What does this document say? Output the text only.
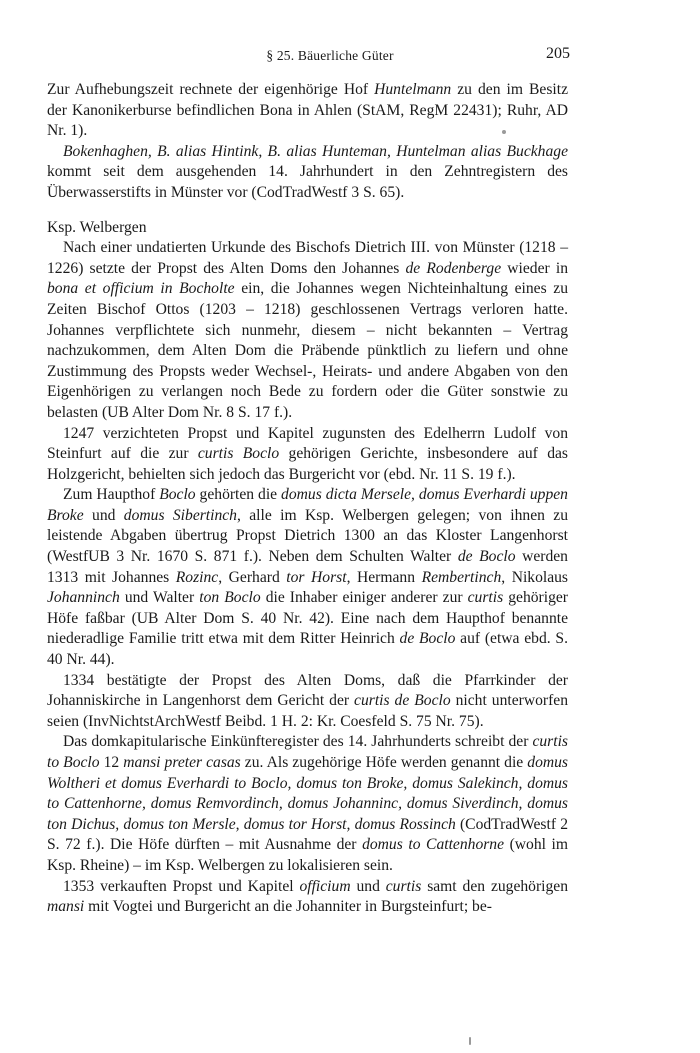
§ 25. Bäuerliche Güter	205

Zur Aufhebungszeit rechnete der eigenhörige Hof Huntelmann zu den im Besitz der Kanonikerburse befindlichen Bona in Ahlen (StAM, RegM 22431); Ruhr, AD Nr. 1).

Bokenhaghen, B. alias Hintink, B. alias Hunteman, Huntelman alias Buckhage kommt seit dem ausgehenden 14. Jahrhundert in den Zehntregistern des Überwasserstifts in Münster vor (CodTradWestf 3 S. 65).

Ksp. Welbergen

Nach einer undatierten Urkunde des Bischofs Dietrich III. von Münster (1218 – 1226) setzte der Propst des Alten Doms den Johannes de Rodenberge wieder in bona et officium in Bocholte ein, die Johannes wegen Nichteinhaltung eines zu Zeiten Bischof Ottos (1203 – 1218) geschlossenen Vertrags verloren hatte. Johannes verpflichtete sich nunmehr, diesem – nicht bekannten – Vertrag nachzukommen, dem Alten Dom die Präbende pünktlich zu liefern und ohne Zustimmung des Propsts weder Wechsel-, Heirats- und andere Abgaben von den Eigenhörigen zu verlangen noch Bede zu fordern oder die Güter sonstwie zu belasten (UB Alter Dom Nr. 8 S. 17 f.).

1247 verzichteten Propst und Kapitel zugunsten des Edelherrn Ludolf von Steinfurt auf die zur curtis Boclo gehörigen Gerichte, insbesondere auf das Holzgericht, behielten sich jedoch das Burgericht vor (ebd. Nr. 11 S. 19 f.).

Zum Haupthof Boclo gehörten die domus dicta Mersele, domus Everhardi uppen Broke und domus Sibertinch, alle im Ksp. Welbergen gelegen; von ihnen zu leistende Abgaben übertrug Propst Dietrich 1300 an das Kloster Langenhorst (WestfUB 3 Nr. 1670 S. 871 f.). Neben dem Schulten Walter de Boclo werden 1313 mit Johannes Rozinc, Gerhard tor Horst, Hermann Rembertinch, Nikolaus Johanninch und Walter ton Boclo die Inhaber einiger anderer zur curtis gehöriger Höfe faßbar (UB Alter Dom S. 40 Nr. 42). Eine nach dem Haupthof benannte niederadlige Familie tritt etwa mit dem Ritter Heinrich de Boclo auf (etwa ebd. S. 40 Nr. 44).

1334 bestätigte der Propst des Alten Doms, daß die Pfarrkinder der Johanniskirche in Langenhorst dem Gericht der curtis de Boclo nicht unterworfen seien (InvNichtstArchWestf Beibd. 1 H. 2: Kr. Coesfeld S. 75 Nr. 75).

Das domkapitularische Einkünfteregister des 14. Jahrhunderts schreibt der curtis to Boclo 12 mansi preter casas zu. Als zugehörige Höfe werden genannt die domus Woltheri et domus Everhardi to Boclo, domus ton Broke, domus Salekinch, domus to Cattenhorne, domus Remvordinch, domus Johanninc, domus Siverdinch, domus ton Dichus, domus ton Mersle, domus tor Horst, domus Rossinch (CodTradWestf 2 S. 72 f.). Die Höfe dürften – mit Ausnahme der domus to Cattenhorne (wohl im Ksp. Rheine) – im Ksp. Welbergen zu lokalisieren sein.

1353 verkauften Propst und Kapitel officium und curtis samt den zugehörigen mansi mit Vogtei und Burgericht an die Johanniter in Burgsteinfurt; be-
